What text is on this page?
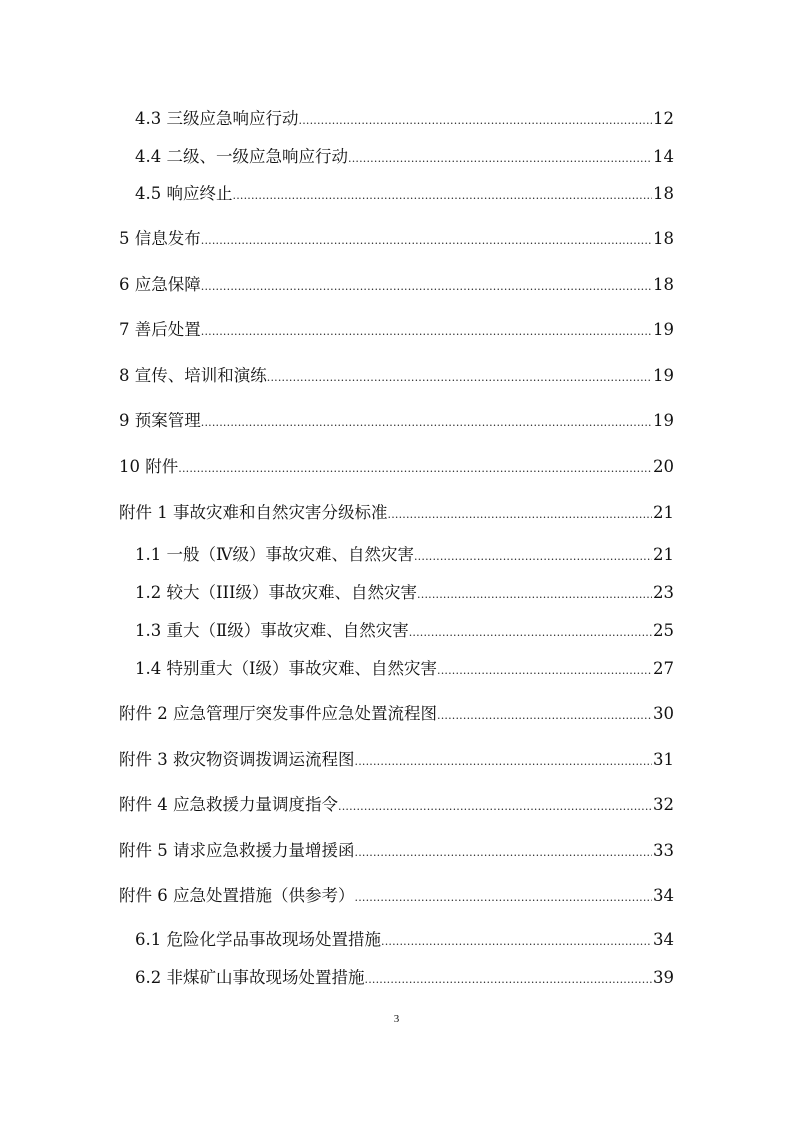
4.3 三级应急响应行动 .....	12
4.4 二级、一级应急响应行动 .....	14
4.5 响应终止 .....	18
5 信息发布 .....	18
6 应急保障 .....	18
7 善后处置 .....	19
8 宣传、培训和演练 .....	19
9 预案管理 .....	19
10 附件 .....	20
附件 1 事故灾难和自然灾害分级标准 .....	21
1.1 一般（Ⅳ级）事故灾难、自然灾害 .....	21
1.2 较大（III级）事故灾难、自然灾害 .....	23
1.3 重大（Ⅱ级）事故灾难、自然灾害 .....	25
1.4 特别重大（Ⅰ级）事故灾难、自然灾害 .....	27
附件 2 应急管理厅突发事件应急处置流程图 .....	30
附件 3 救灾物资调拨调运流程图 .....	31
附件 4 应急救援力量调度指令 .....	32
附件 5 请求应急救援力量增援函 .....	33
附件 6 应急处置措施（供参考） .....	34
6.1 危险化学品事故现场处置措施 .....	34
6.2 非煤矿山事故现场处置措施 .....	39
3
